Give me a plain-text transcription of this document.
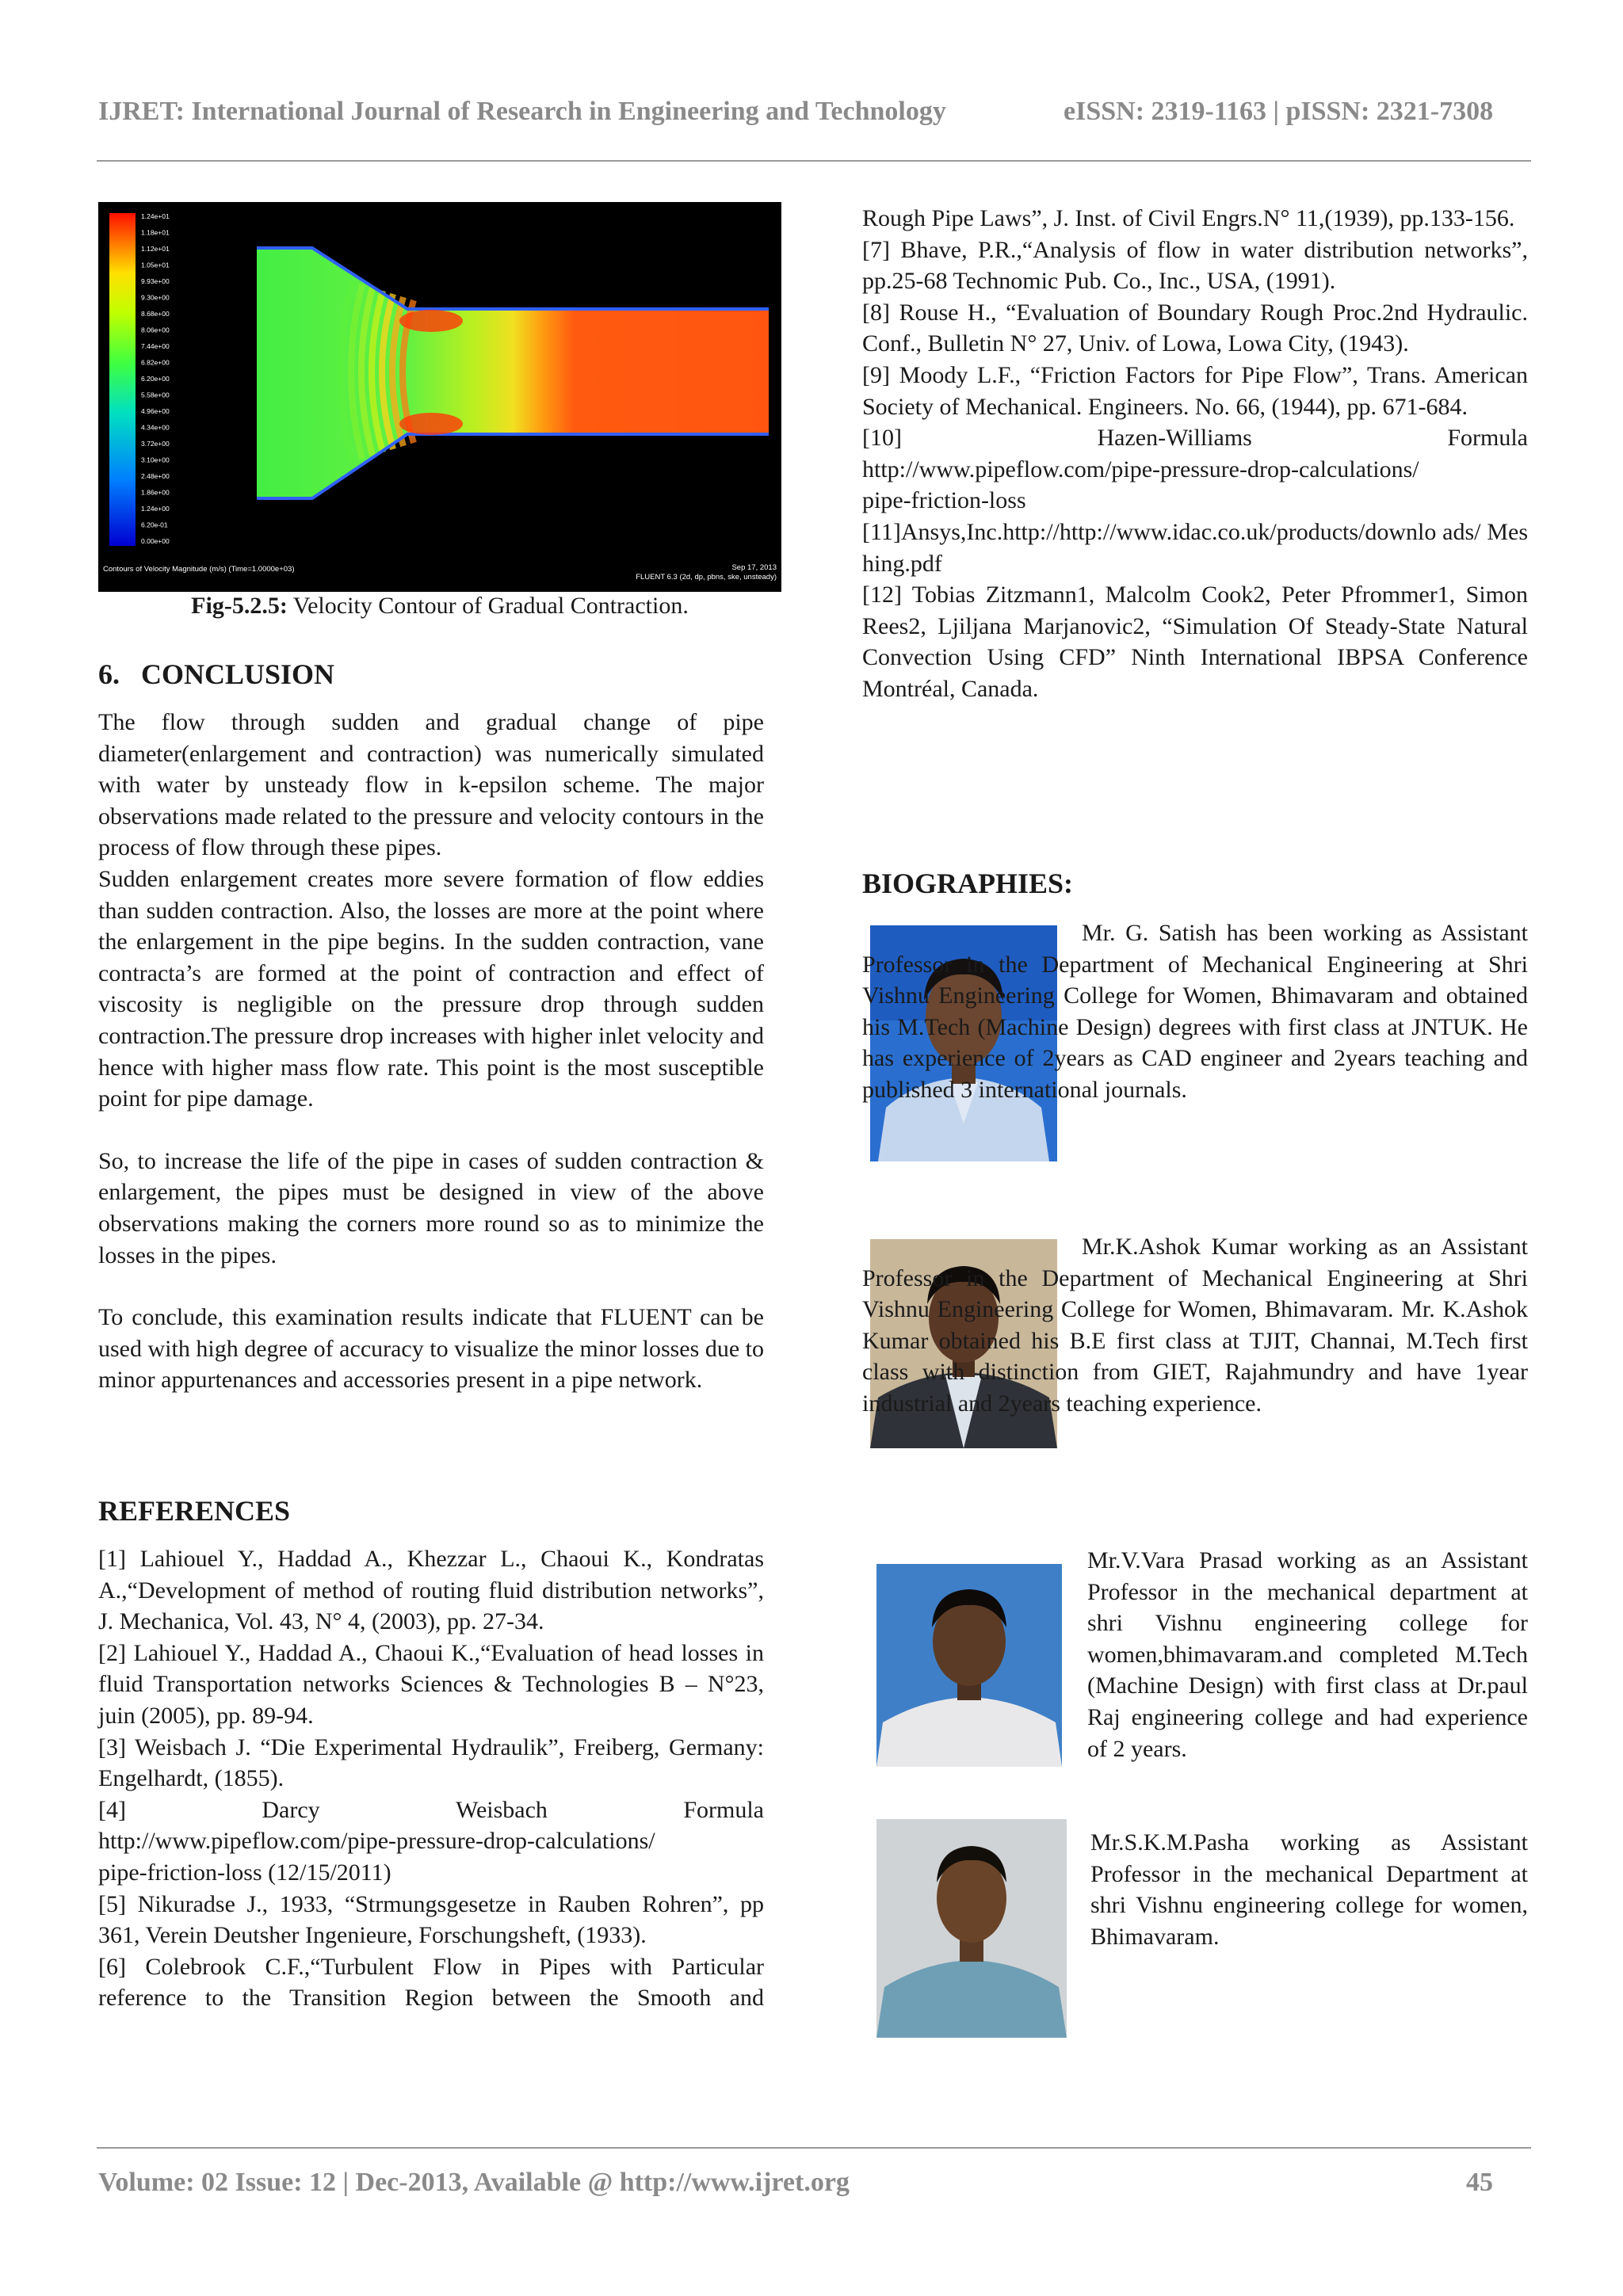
IJRET: International Journal of Research in Engineering and Technology	eISSN: 2319-1163 | pISSN: 2321-7308
1.24e+01
1.18e+01
1.12e+01
1.05e+01
9.93e+00
9.30e+00
8.68e+00
8.06e+00
7.44e+00
6.82e+00
6.20e+00
5.58e+00
4.96e+00
4.34e+00
3.72e+00
3.10e+00
2.48e+00
1.86e+00
1.24e+00
6.20e-01
0.00e+00
Contours of Velocity Magnitude (m/s) (Time=1.0000e+03)	Sep 17, 2013
FLUENT 6.3 (2d, dp, pbns, ske, unsteady)
Fig-5.2.5: Velocity Contour of Gradual Contraction.
6.   CONCLUSION

The flow through sudden and gradual change of pipe diameter(enlargement and contraction) was numerically simulated with water by unsteady flow in k-epsilon scheme. The major observations made related to the pressure and velocity contours in the process of flow through these pipes.

Sudden enlargement creates more severe formation of flow eddies than sudden contraction. Also, the losses are more at the point where the enlargement in the pipe begins. In the sudden contraction, vane contracta’s are formed at the point of contraction and effect of viscosity is negligible on the pressure drop through sudden contraction.The pressure drop increases with higher inlet velocity and hence with higher mass flow rate. This point is the most susceptible point for pipe damage.

So, to increase the life of the pipe in cases of sudden contraction & enlargement, the pipes must be designed in view of the above observations making the corners more round so as to minimize the losses in the pipes.

To conclude, this examination results indicate that FLUENT can be used with high degree of accuracy to visualize the minor losses due to minor appurtenances and accessories present in a pipe network.

REFERENCES

[1] Lahiouel Y., Haddad A., Khezzar L., Chaoui K., Kondratas A.,“Development of method of routing fluid distribution networks”, J. Mechanica, Vol. 43, N° 4, (2003), pp. 27-34.

[2] Lahiouel Y., Haddad A., Chaoui K.,“Evaluation of head losses in fluid Transportation networks Sciences & Technologies B – N°23, juin (2005), pp. 89-94.

[3] Weisbach J. “Die Experimental Hydraulik”, Freiberg, Germany: Engelhardt, (1855).

[4]	Darcy	Weisbach	Formula

http://www.pipeflow.com/pipe-pressure-drop-calculations/

pipe-friction-loss (12/15/2011)

[5] Nikuradse J., 1933, “Strmungsgesetze in Rauben Rohren”, pp 361, Verein Deutsher Ingenieure, Forschungsheft, (1933).

[6] Colebrook C.F.,“Turbulent Flow in Pipes with Particular reference to the Transition Region between the Smooth and

Rough Pipe Laws”, J. Inst. of Civil Engrs.N° 11,(1939), pp.133-156.

[7] Bhave, P.R.,“Analysis of flow in water distribution networks”, pp.25-68 Technomic Pub. Co., Inc., USA, (1991).

[8] Rouse H., “Evaluation of Boundary Rough Proc.2nd Hydraulic. Conf., Bulletin N° 27, Univ. of Lowa, Lowa City, (1943).

[9] Moody L.F., “Friction Factors for Pipe Flow”, Trans. American Society of Mechanical. Engineers. No. 66, (1944), pp. 671-684.

[10]	Hazen-Williams	Formula

http://www.pipeflow.com/pipe-pressure-drop-calculations/

pipe-friction-loss

[11]Ansys,Inc.http://http://www.idac.co.uk/products/downlo ads/ Meshing.pdf

[12] Tobias Zitzmann1, Malcolm Cook2, Peter Pfrommer1, Simon Rees2, Ljiljana Marjanovic2, “Simulation Of Steady-State Natural Convection Using CFD” Ninth International IBPSA Conference Montréal, Canada.

BIOGRAPHIES:

Mr. G. Satish has been working as Assistant Professor in the Department of Mechanical Engineering at Shri Vishnu Engineering College for Women, Bhimavaram and obtained his M.Tech (Machine Design) degrees with first class at JNTUK. He has experience of 2years as CAD engineer and 2years teaching and published 3 international journals.

Mr.K.Ashok Kumar working as an Assistant Professor in the Department of Mechanical Engineering at Shri Vishnu Engineering College for Women, Bhimavaram. Mr. K.Ashok Kumar obtained his B.E first class at TJIT, Channai, M.Tech first class with distinction from GIET, Rajahmundry and have 1year industrial and 2years teaching experience.

Mr.V.Vara Prasad working as an Assistant Professor in the mechanical department at shri Vishnu engineering college for women,bhimavaram.and completed M.Tech (Machine Design) with first class at Dr.paul Raj engineering college and had experience of 2 years.

Mr.S.K.M.Pasha working as Assistant Professor in the mechanical Department at shri Vishnu engineering college for women, Bhimavaram.

Volume: 02 Issue: 12 | Dec-2013, Available @ http://www.ijret.org	45
